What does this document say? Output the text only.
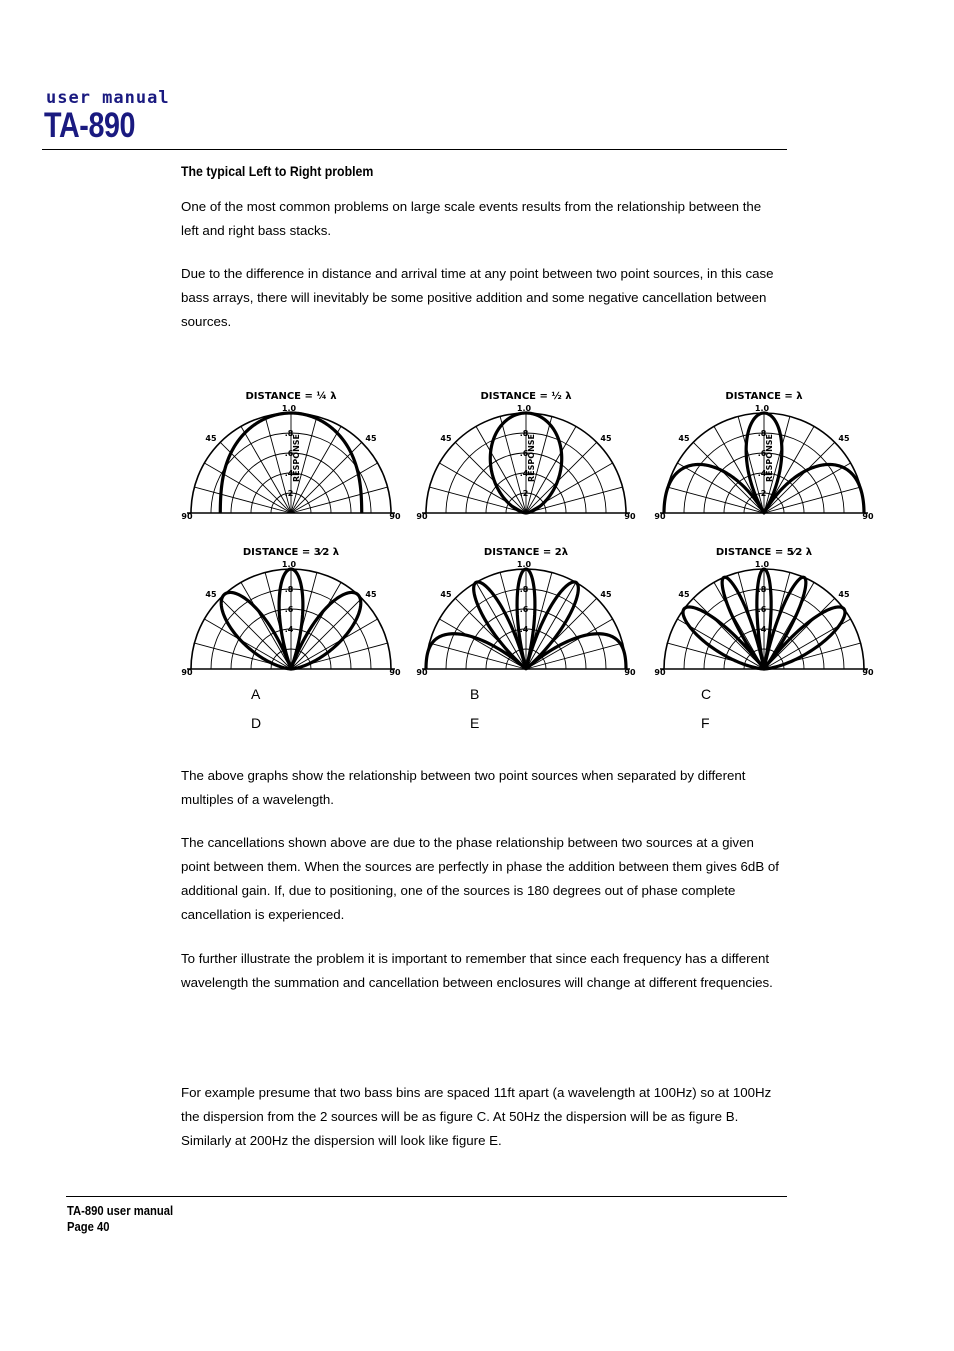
user manual
TA-890
The typical Left to Right problem

One of the most common problems on large scale events results from the relationship between the left and right bass stacks.

Due to the difference in distance and arrival time at any point between two point sources, in this case bass arrays, there will inevitably be some positive addition and some negative cancellation between sources.

DISTANCE = ¼ λ
1.0
.8
.6
.4
.2
RESPONSE
45	45
90	90
DISTANCE = ½ λ
1.0
.8
.6
.4
.2
RESPONSE
45	45
90	90
DISTANCE = λ
1.0
.8
.6
.4
.2
RESPONSE
45	45
90	90
DISTANCE = 3⁄2 λ
1.0
.8
.6
.4
45	45
90	90
DISTANCE = 2λ
1.0
.8
.6
.4
45	45
90	90
DISTANCE = 5⁄2 λ
1.0
.8
.6
.4
45	45
90	90
A	B	C
D	E	F

The above graphs show the relationship between two point sources when separated by different multiples of a wavelength.

The cancellations shown above are due to the phase relationship between two sources at a given point between them. When the sources are perfectly in phase the addition between them gives 6dB of additional gain. If, due to positioning, one of the sources is 180 degrees out of phase complete cancellation is experienced.

To further illustrate the problem it is important to remember that since each frequency has a different wavelength the summation and cancellation between enclosures will change at different frequencies.

For example presume that two bass bins are spaced 11ft apart (a wavelength at 100Hz) so at 100Hz the dispersion from the 2 sources will be as figure C. At 50Hz the dispersion will be as figure B. Similarly at 200Hz the dispersion will look like figure E.

TA-890 user manual
Page 40
